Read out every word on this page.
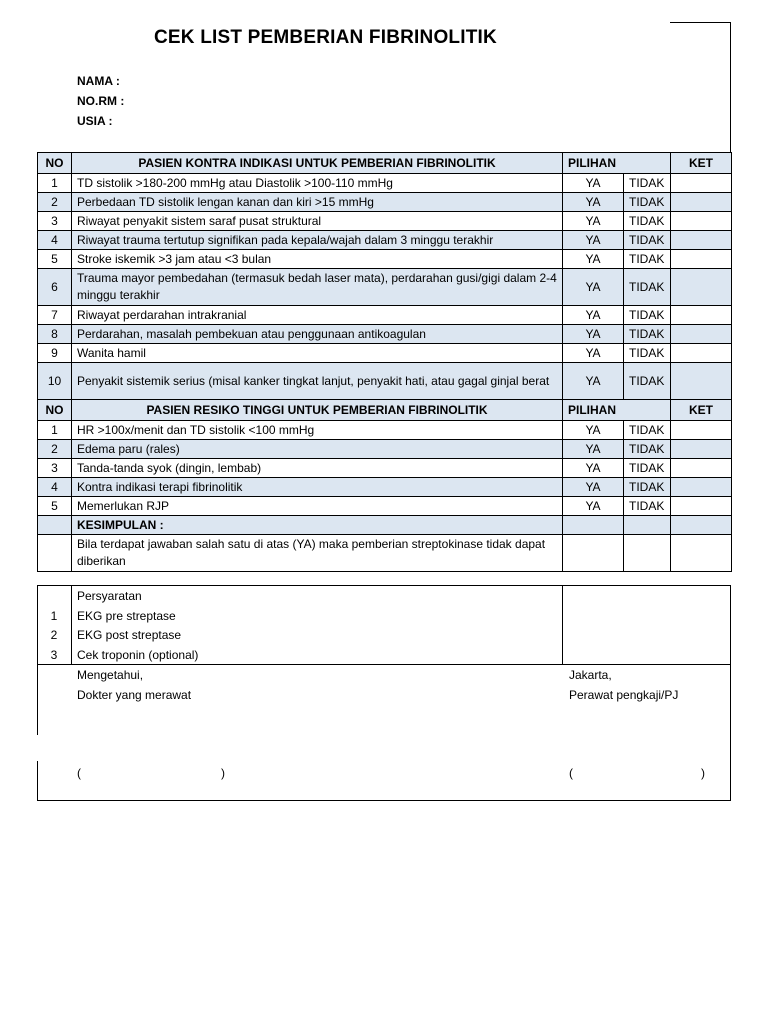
CEK LIST PEMBERIAN FIBRINOLITIK
NAMA :
NO.RM :
USIA :
NO	PASIEN KONTRA INDIKASI UNTUK PEMBERIAN FIBRINOLITIK	PILIHAN		KET
1	TD sistolik >180-200 mmHg atau Diastolik >100-110 mmHg	YA	TIDAK	
2	Perbedaan TD sistolik lengan kanan dan kiri >15 mmHg	YA	TIDAK	
3	Riwayat penyakit sistem saraf pusat struktural	YA	TIDAK	
4	Riwayat trauma tertutup signifikan pada kepala/wajah dalam 3 minggu terakhir	YA	TIDAK	
5	Stroke iskemik >3 jam atau <3 bulan	YA	TIDAK	
6	Trauma mayor pembedahan (termasuk bedah laser mata), perdarahan gusi/gigi dalam 2-4 minggu terakhir	YA	TIDAK	
7	Riwayat perdarahan intrakranial	YA	TIDAK	
8	Perdarahan, masalah pembekuan atau penggunaan antikoagulan	YA	TIDAK	
9	Wanita hamil	YA	TIDAK	
10	Penyakit sistemik serius (misal kanker tingkat lanjut, penyakit hati, atau gagal ginjal berat	YA	TIDAK	
NO	PASIEN RESIKO TINGGI UNTUK PEMBERIAN FIBRINOLITIK	PILIHAN		KET
1	HR >100x/menit dan TD sistolik <100 mmHg	YA	TIDAK	
2	Edema paru (rales)	YA	TIDAK	
3	Tanda-tanda syok (dingin, lembab)	YA	TIDAK	
4	Kontra indikasi terapi fibrinolitik	YA	TIDAK	
5	Memerlukan RJP	YA	TIDAK	
	KESIMPULAN :			
	Bila terdapat jawaban salah satu di atas (YA) maka pemberian streptokinase tidak dapat diberikan			
Persyaratan
1 EKG pre streptase
2 EKG post streptase
3 Cek troponin (optional)
Mengetahui,
Dokter yang merawat
Jakarta,
Perawat pengkaji/PJ
(	)	(	)
